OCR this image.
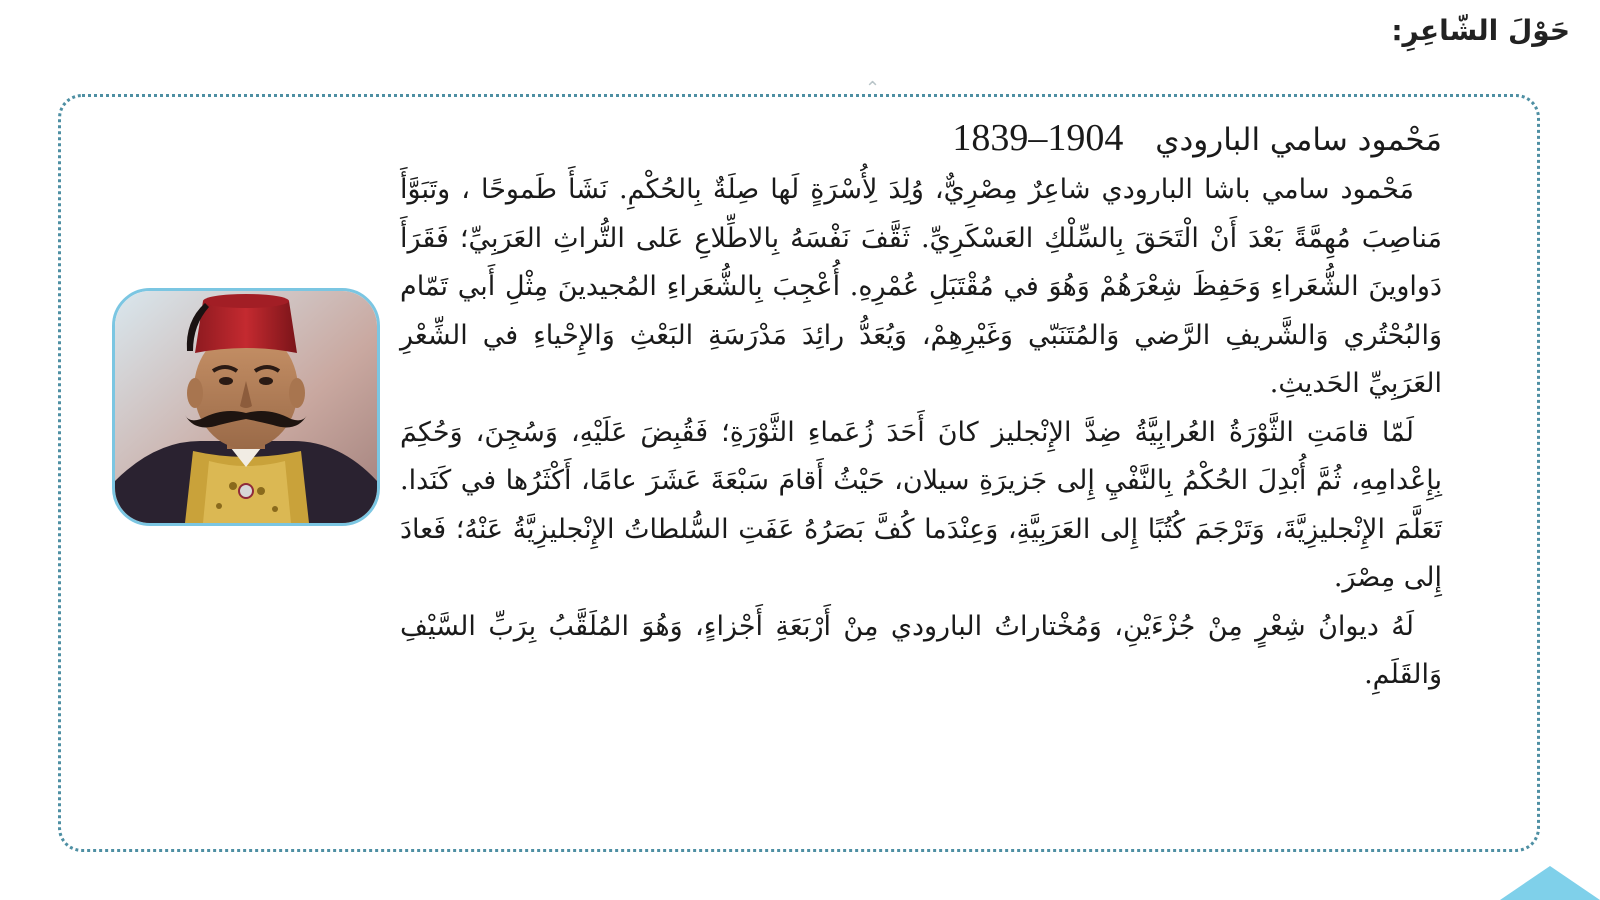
حَوْلَ الشّاعِرِ:
⌃
مَحْمود سامي البارودي 1904–1839

مَحْمود سامي باشا البارودي شاعِرٌ مِصْرِيٌّ، وُلِدَ لِأُسْرَةٍ لَها صِلَةٌ بِالحُكْمِ. نَشَأَ طَموحًا ، وتَبَوَّأَ مَناصِبَ مُهِمَّةً بَعْدَ أَنْ الْتَحَقَ بِالسِّلْكِ العَسْكَرِيِّ. ثَقَّفَ نَفْسَهُ بِالاطِّلاعِ عَلى التُّراثِ العَرَبِيِّ؛ فَقَرَأَ دَواوينَ الشُّعَراءِ وَحَفِظَ شِعْرَهُمْ وَهُوَ في مُقْتَبَلِ عُمْرِهِ. أُعْجِبَ بِالشُّعَراءِ المُجيدينَ مِثْلِ أَبي تَمّام وَالبُحْتُري وَالشَّريفِ الرَّضي وَالمُتَنَبّي وَغَيْرِهِمْ، وَيُعَدُّ رائِدَ مَدْرَسَةِ البَعْثِ وَالإِحْياءِ في الشِّعْرِ العَرَبِيِّ الحَديثِ.

لَمّا قامَتِ الثَّوْرَةُ العُرابِيَّةُ ضِدَّ الإِنْجليز كانَ أَحَدَ زُعَماءِ الثَّوْرَةِ؛ فَقُبِضَ عَلَيْهِ، وَسُجِنَ، وَحُكِمَ بِإِعْدامِهِ، ثُمَّ أُبْدِلَ الحُكْمُ بِالنَّفْيِ إِلى جَزيرَةِ سيلان، حَيْثُ أَقامَ سَبْعَةَ عَشَرَ عامًا، أَكْثَرُها في كَنَدا. تَعَلَّمَ الإِنْجليزِيَّةَ، وَتَرْجَمَ كُتُبًا إِلى العَرَبِيَّةِ، وَعِنْدَما كُفَّ بَصَرُهُ عَفَتِ السُّلطاتُ الإِنْجليزِيَّةُ عَنْهُ؛ فَعادَ إِلى مِصْرَ.

لَهُ ديوانُ شِعْرٍ مِنْ جُزْءَيْنِ، وَمُخْتاراتُ البارودي مِنْ أَرْبَعَةِ أَجْزاءٍ، وَهُوَ المُلَقَّبُ بِرَبِّ السَّيْفِ وَالقَلَمِ.
